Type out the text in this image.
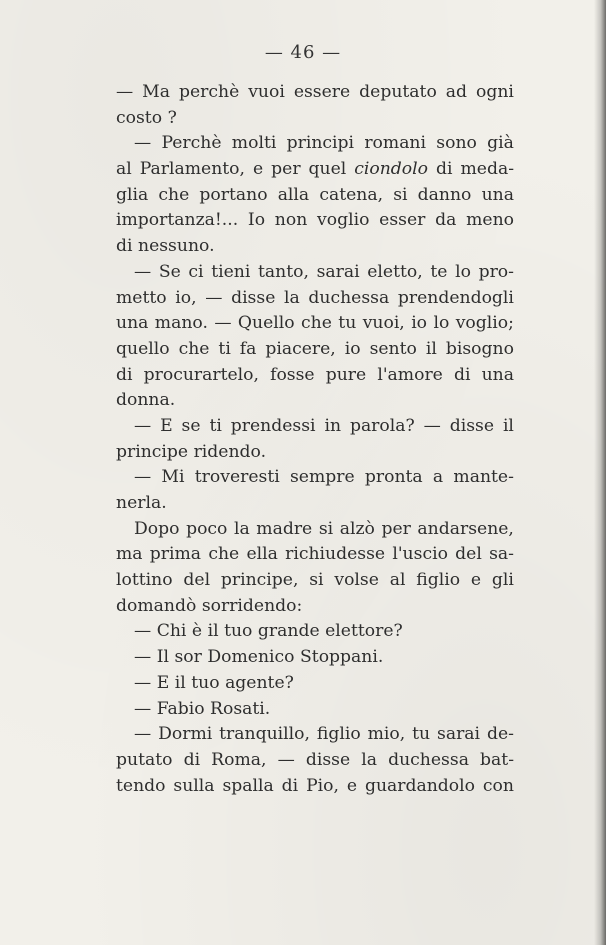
— 46 —
— Ma perchè vuoi essere deputato ad ogni
costo ?
— Perchè molti principi romani sono già
al Parlamento, e per quel ciondolo di meda-
glia che portano alla catena, si danno una
importanza!... Io non voglio esser da meno
di nessuno.
— Se ci tieni tanto, sarai eletto, te lo pro-
metto io, — disse la duchessa prendendogli
una mano. — Quello che tu vuoi, io lo voglio;
quello che ti fa piacere, io sento il bisogno
di procurartelo, fosse pure l'amore di una
donna.
— E se ti prendessi in parola? — disse il
principe ridendo.
— Mi troveresti sempre pronta a mante-
nerla.
Dopo poco la madre si alzò per andarsene,
ma prima che ella richiudesse l'uscio del sa-
lottino del principe, si volse al figlio e gli
domandò sorridendo:
— Chi è il tuo grande elettore?
— Il sor Domenico Stoppani.
— E il tuo agente?
— Fabio Rosati.
— Dormi tranquillo, figlio mio, tu sarai de-
putato di Roma, — disse la duchessa bat-
tendo sulla spalla di Pio, e guardandolo con
